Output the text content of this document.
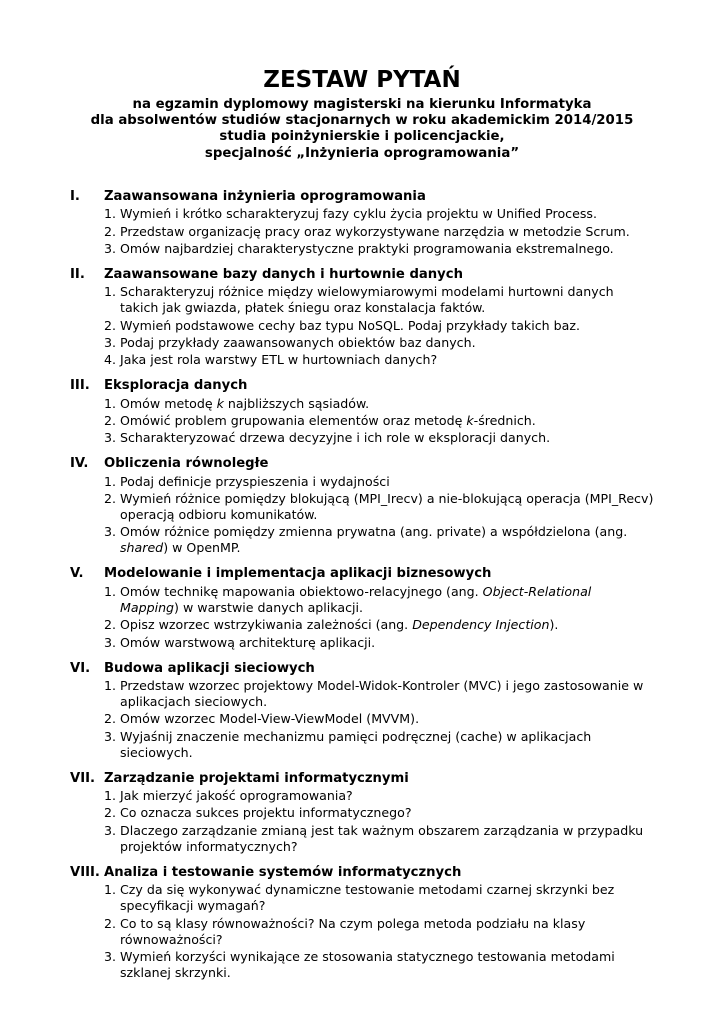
ZESTAW PYTAŃ
na egzamin dyplomowy magisterski na kierunku Informatyka
dla absolwentów studiów stacjonarnych w roku akademickim 2014/2015
studia poinżynierskie i policencjackie,
specjalność „Inżynieria oprogramowania”
I.	Zaawansowana inżynieria oprogramowania
1. Wymień i krótko scharakteryzuj fazy cyklu życia projektu w Unified Process.
2. Przedstaw organizację pracy oraz wykorzystywane narzędzia w metodzie Scrum.
3. Omów najbardziej charakterystyczne praktyki programowania ekstremalnego.
II.	Zaawansowane bazy danych i hurtownie danych
1. Scharakteryzuj różnice między wielowymiarowymi modelami hurtowni danych takich jak gwiazda, płatek śniegu oraz konstalacja faktów.
2. Wymień podstawowe cechy baz typu NoSQL. Podaj przykłady takich baz.
3. Podaj przykłady zaawansowanych obiektów baz danych.
4. Jaka jest rola warstwy ETL w hurtowniach danych?
III.	Eksploracja danych
1. Omów metodę k najbliższych sąsiadów.
2. Omówić problem grupowania elementów oraz metodę k-średnich.
3. Scharakteryzować drzewa decyzyjne i ich role w eksploracji danych.
IV.	Obliczenia równoległe
1. Podaj definicje przyspieszenia i wydajności
2. Wymień różnice pomiędzy blokującą (MPI_Irecv) a nie-blokującą operacja (MPI_Recv) operacją odbioru komunikatów.
3. Omów różnice pomiędzy zmienna prywatna (ang. private) a współdzielona (ang. shared) w OpenMP.
V.	Modelowanie i implementacja aplikacji biznesowych
1. Omów technikę mapowania obiektowo-relacyjnego (ang. Object-Relational Mapping) w warstwie danych aplikacji.
2. Opisz wzorzec wstrzykiwania zależności (ang. Dependency Injection).
3. Omów warstwową architekturę aplikacji.
VI.	Budowa aplikacji sieciowych
1. Przedstaw wzorzec projektowy Model-Widok-Kontroler (MVC) i jego zastosowanie w aplikacjach sieciowych.
2. Omów wzorzec Model-View-ViewModel (MVVM).
3. Wyjaśnij znaczenie mechanizmu pamięci podręcznej (cache) w aplikacjach sieciowych.
VII. Zarządzanie projektami informatycznymi
1. Jak mierzyć jakość oprogramowania?
2. Co oznacza sukces projektu informatycznego?
3. Dlaczego zarządzanie zmianą jest tak ważnym obszarem zarządzania w przypadku projektów informatycznych?
VIII. Analiza i testowanie systemów informatycznych
1. Czy da się wykonywać dynamiczne testowanie metodami czarnej skrzynki bez specyfikacji wymagań?
2. Co to są klasy równoważności? Na czym polega metoda podziału na klasy równoważności?
3. Wymień korzyści wynikające ze stosowania statycznego testowania metodami szklanej skrzynki.
